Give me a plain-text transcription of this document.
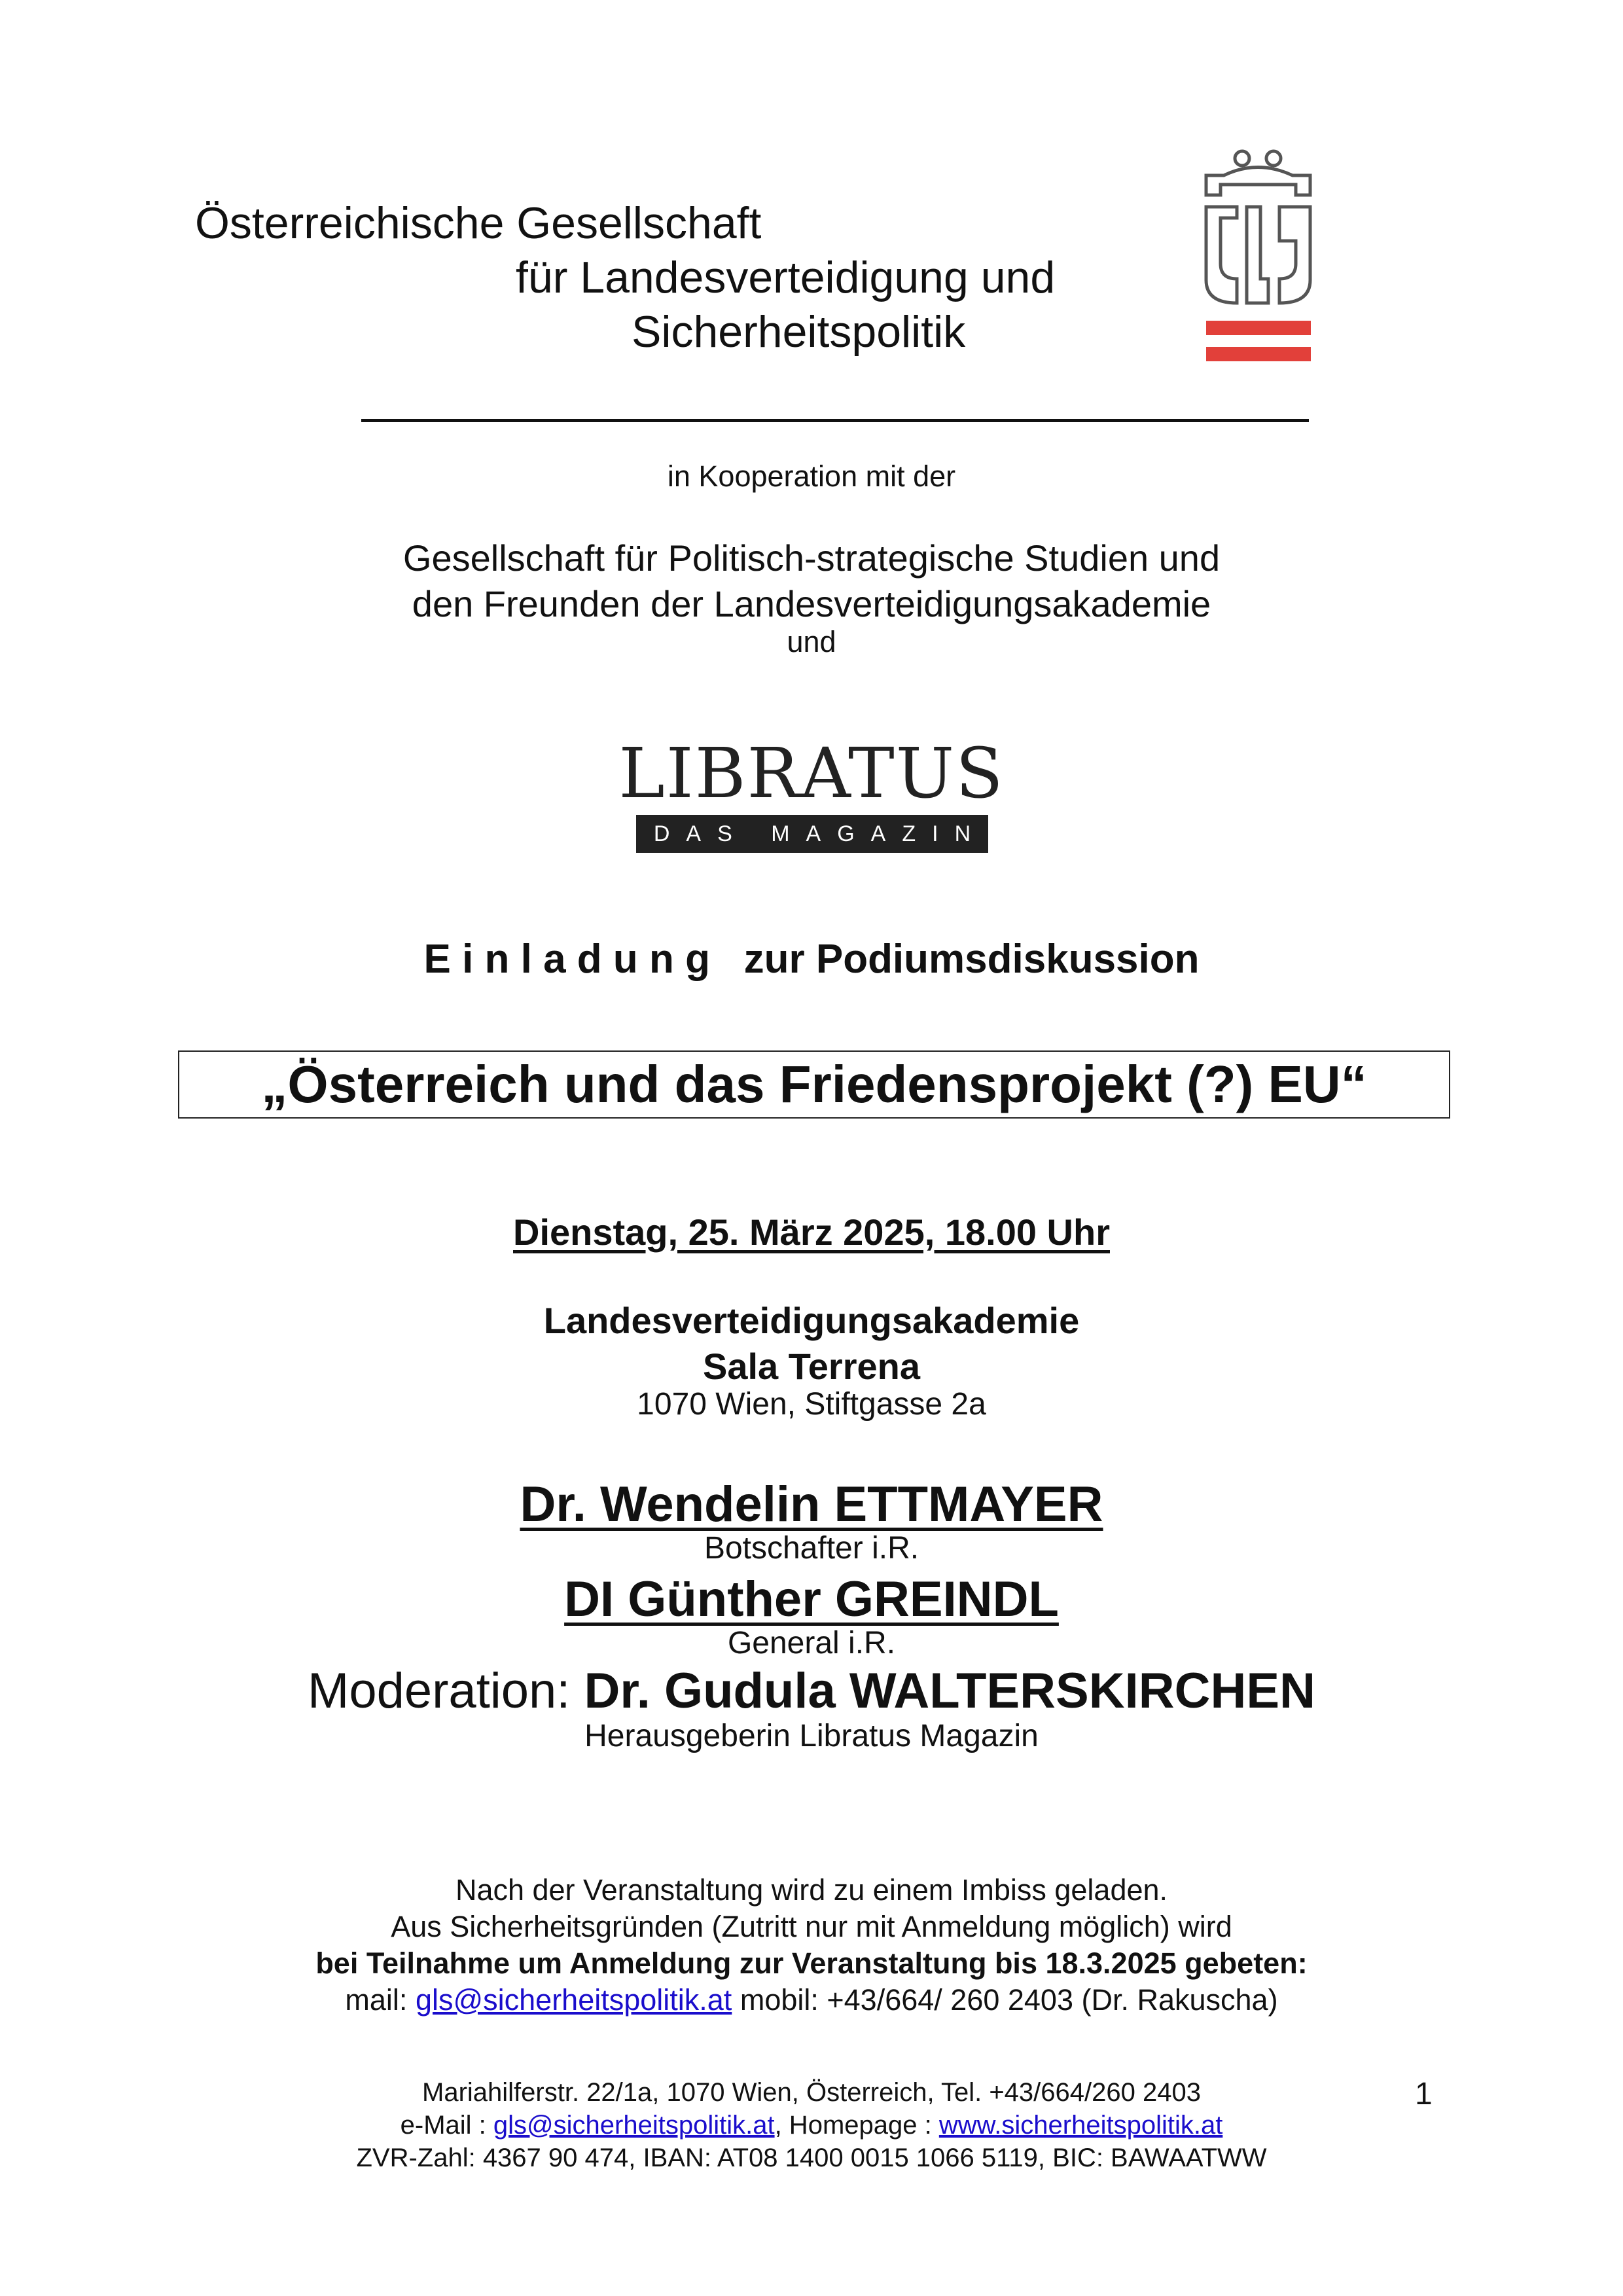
Österreichische Gesellschaft
für Landesverteidigung und
Sicherheitspolitik
in Kooperation mit der
Gesellschaft für Politisch-strategische Studien und
den Freunden der Landesverteidigungsakademie
und
LIBRATUS
DAS MAGAZIN
E i n l a d u n g   zur Podiumsdiskussion
„Österreich und das Friedensprojekt (?) EU“
Dienstag, 25. März 2025, 18.00 Uhr
Landesverteidigungsakademie
Sala Terrena
1070 Wien, Stiftgasse 2a
Dr. Wendelin ETTMAYER
Botschafter i.R.
DI Günther GREINDL
General i.R.
Moderation: Dr. Gudula WALTERSKIRCHEN
Herausgeberin Libratus Magazin
Nach der Veranstaltung wird zu einem Imbiss geladen.
Aus Sicherheitsgründen (Zutritt nur mit Anmeldung möglich) wird
bei Teilnahme um Anmeldung zur Veranstaltung bis 18.3.2025 gebeten:
mail: gls@sicherheitspolitik.at mobil: +43/664/ 260 2403 (Dr. Rakuscha)
Mariahilferstr. 22/1a, 1070 Wien, Österreich, Tel. +43/664/260 2403
e-Mail : gls@sicherheitspolitik.at, Homepage : www.sicherheitspolitik.at
ZVR-Zahl: 4367 90 474, IBAN: AT08 1400 0015 1066 5119, BIC: BAWAATWW
1
